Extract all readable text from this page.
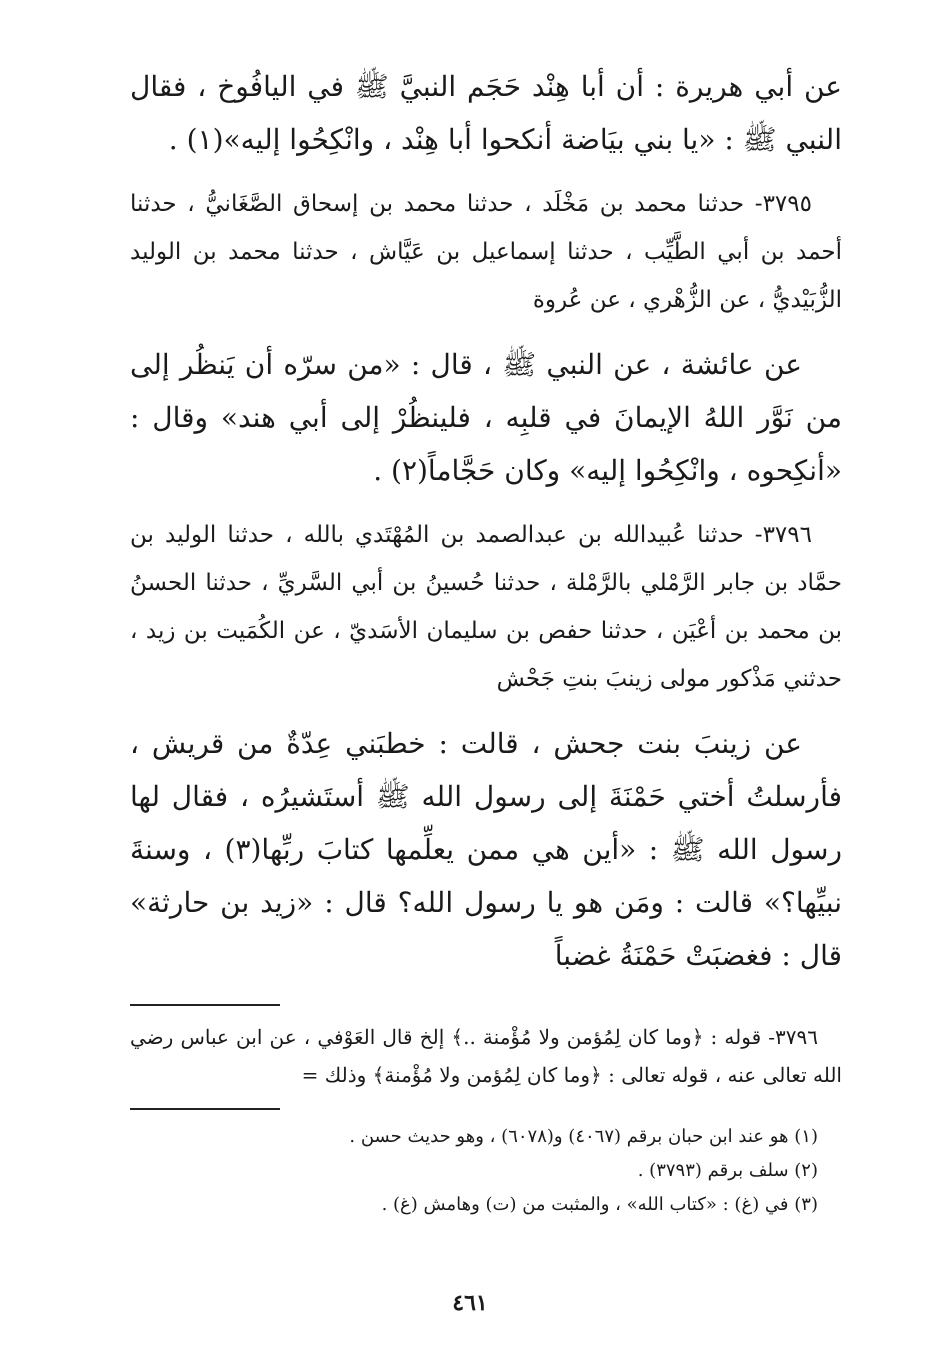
عن أبي هريرة : أن أبا هِنْد حَجَم النبيَّ ﷺ في اليافُوخ ، فقال النبي ﷺ : «يا بني بيَاضة أنكحوا أبا هِنْد ، وانْكِحُوا إليه»(١) .

٣٧٩٥- حدثنا محمد بن مَخْلَد ، حدثنا محمد بن إسحاق الصَّغَانيُّ ، حدثنا أحمد بن أبي الطَّيِّب ، حدثنا إسماعيل بن عَيَّاش ، حدثنا محمد بن الوليد الزُّبَيْديُّ ، عن الزُّهْري ، عن عُروة

عن عائشة ، عن النبي ﷺ ، قال : «من سرّه أن يَنظُر إلى من نَوَّر اللهُ الإيمانَ في قلبِه ، فلينظُرْ إلى أبي هند» وقال : «أنكِحوه ، وانْكِحُوا إليه» وكان حَجَّاماً(٢) .

٣٧٩٦- حدثنا عُبيدالله بن عبدالصمد بن المُهْتَدي بالله ، حدثنا الوليد بن حمَّاد بن جابر الرَّمْلي بالرَّمْلة ، حدثنا حُسينُ بن أبي السَّريِّ ، حدثنا الحسنُ بن محمد بن أعْيَن ، حدثنا حفص بن سليمان الأسَديّ ، عن الكُمَيت بن زيد ، حدثني مَذْكور مولى زينبَ بنتِ جَحْش

عن زينبَ بنت جحش ، قالت : خطبَني عِدّةٌ من قريش ، فأرسلتُ أختي حَمْنَةَ إلى رسول الله ﷺ أستَشيرُه ، فقال لها رسول الله ﷺ : «أين هي ممن يعلِّمها كتابَ ربِّها(٣) ، وسنةَ نبيِّها؟» قالت : ومَن هو يا رسول الله؟ قال : «زيد بن حارثة» قال : فغضبَتْ حَمْنَةُ غضباً

٣٧٩٦- قوله : ﴿وما كان لِمُؤمن ولا مُؤْمنة ..﴾ إلخ قال العَوْفي ، عن ابن عباس رضي الله تعالى عنه ، قوله تعالى : ﴿وما كان لِمُؤمن ولا مُؤْمنة﴾ وذلك =

(١) هو عند ابن حبان برقم (٤٠٦٧) و(٦٠٧٨) ، وهو حديث حسن .

(٢) سلف برقم (٣٧٩٣) .

(٣) في (غ) : «كتاب الله» ، والمثبت من (ت) وهامش (غ) .

٤٦١
